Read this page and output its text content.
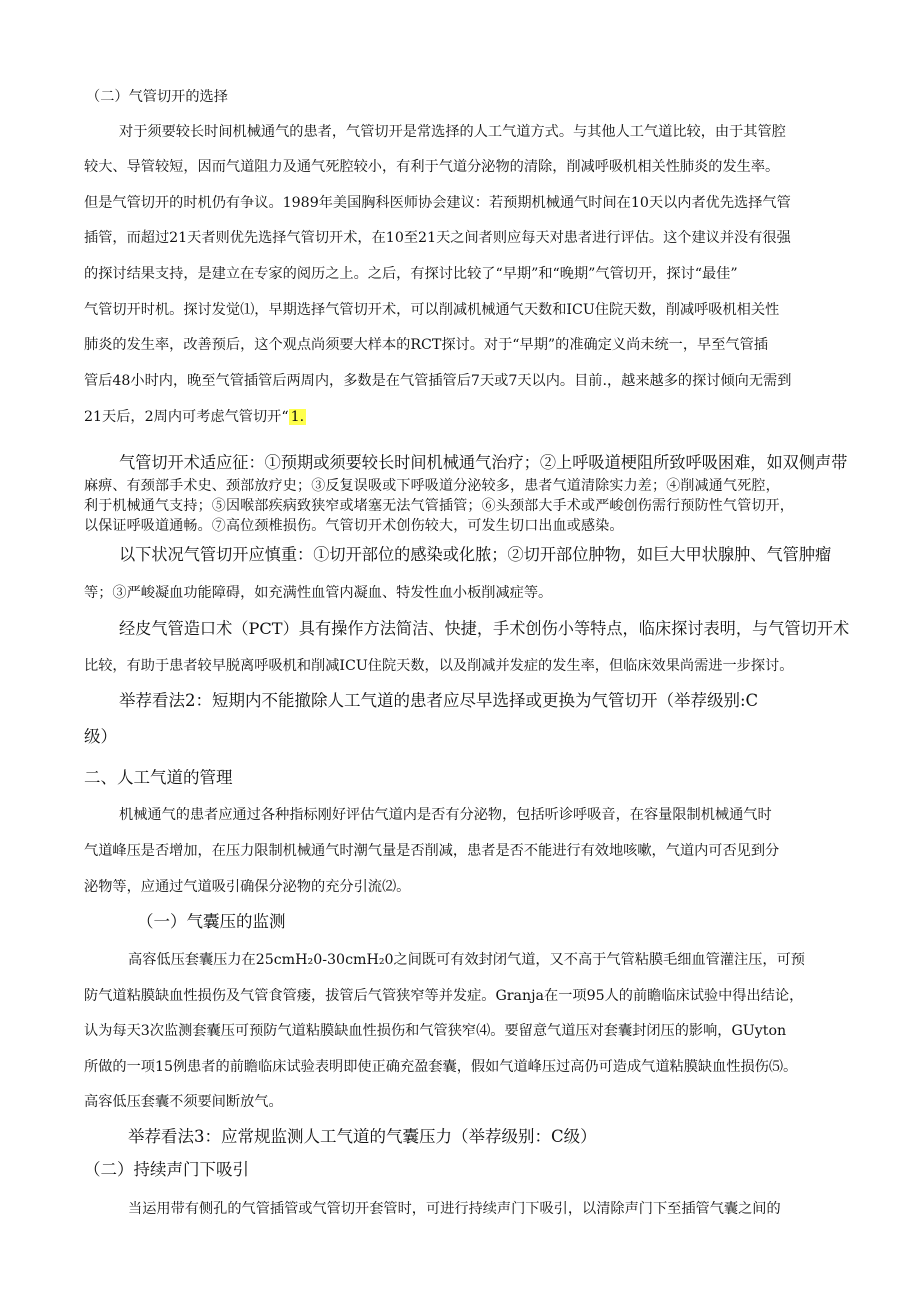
（二）气管切开的选择
对于须要较长时间机械通气的患者，气管切开是常选择的人工气道方式。与其他人工气道比较，由于其管腔
较大、导管较短，因而气道阻力及通气死腔较小，有利于气道分泌物的清除，削减呼吸机相关性肺炎的发生率。
但是气管切开的时机仍有争议。1989年美国胸科医师协会建议：若预期机械通气时间在10天以内者优先选择气管
插管，而超过21天者则优先选择气管切开术，在10至21天之间者则应每天对患者进行评估。这个建议并没有很强
的探讨结果支持，是建立在专家的阅历之上。之后，有探讨比较了“早期”和“晚期”气管切开，探讨“最佳”
气管切开时机。探讨发觉⑴，早期选择气管切开术，可以削减机械通气天数和ICU住院天数，削减呼吸机相关性
肺炎的发生率，改善预后，这个观点尚须要大样本的RCT探讨。对于“早期”的准确定义尚未统一，早至气管插
管后48小时内，晚至气管插管后两周内，多数是在气管插管后7天或7天以内。目前.，越来越多的探讨倾向无需到
21天后，2周内可考虑气管切开“ 1.
气管切开术适应征：①预期或须要较长时间机械通气治疗；②上呼吸道梗阻所致呼吸困难，如双侧声带
麻痹、有颈部手术史、颈部放疗史；③反复误吸或下呼吸道分泌较多，患者气道清除实力差；④削减通气死腔，
利于机械通气支持；⑤因喉部疾病致狭窄或堵塞无法气管插管；⑥头颈部大手术或严峻创伤需行预防性气管切开，
以保证呼吸道通畅。⑦高位颈椎损伤。气管切开术创伤较大，可发生切口出血或感染。
以下状况气管切开应慎重：①切开部位的感染或化脓；②切开部位肿物，如巨大甲状腺肿、气管肿瘤
等；③严峻凝血功能障碍，如充满性血管内凝血、特发性血小板削减症等。
经皮气管造口术（PCT）具有操作方法简洁、快捷，手术创伤小等特点，临床探讨表明，与气管切开术
比较，有助于患者较早脱离呼吸机和削减ICU住院天数，以及削减并发症的发生率，但临床效果尚需进一步探讨。
举荐看法2：短期内不能撤除人工气道的患者应尽早选择或更换为气管切开（举荐级别:C
级）
二、人工气道的管理
机械通气的患者应通过各种指标刚好评估气道内是否有分泌物，包括听诊呼吸音，在容量限制机械通气时
气道峰压是否增加，在压力限制机械通气时潮气量是否削减，患者是否不能进行有效地咳嗽，气道内可否见到分
泌物等，应通过气道吸引确保分泌物的充分引流⑵。
（一）气囊压的监测
高容低压套囊压力在25cmH₂0-30cmH₂0之间既可有效封闭气道，又不高于气管粘膜毛细血管灌注压，可预
防气道粘膜缺血性损伤及气管食管瘘，拔管后气管狭窄等并发症。Granja在一项95人的前瞻临床试验中得出结论，
认为每天3次监测套囊压可预防气道粘膜缺血性损伤和气管狭窄⑷。要留意气道压对套囊封闭压的影响，GUyton
所做的一项15例患者的前瞻临床试验表明即使正确充盈套囊，假如气道峰压过高仍可造成气道粘膜缺血性损伤⑸。
高容低压套囊不须要间断放气。
举荐看法3：应常规监测人工气道的气囊压力（举荐级别：C级）
（二）持续声门下吸引
当运用带有侧孔的气管插管或气管切开套管时，可进行持续声门下吸引，以清除声门下至插管气囊之间的
